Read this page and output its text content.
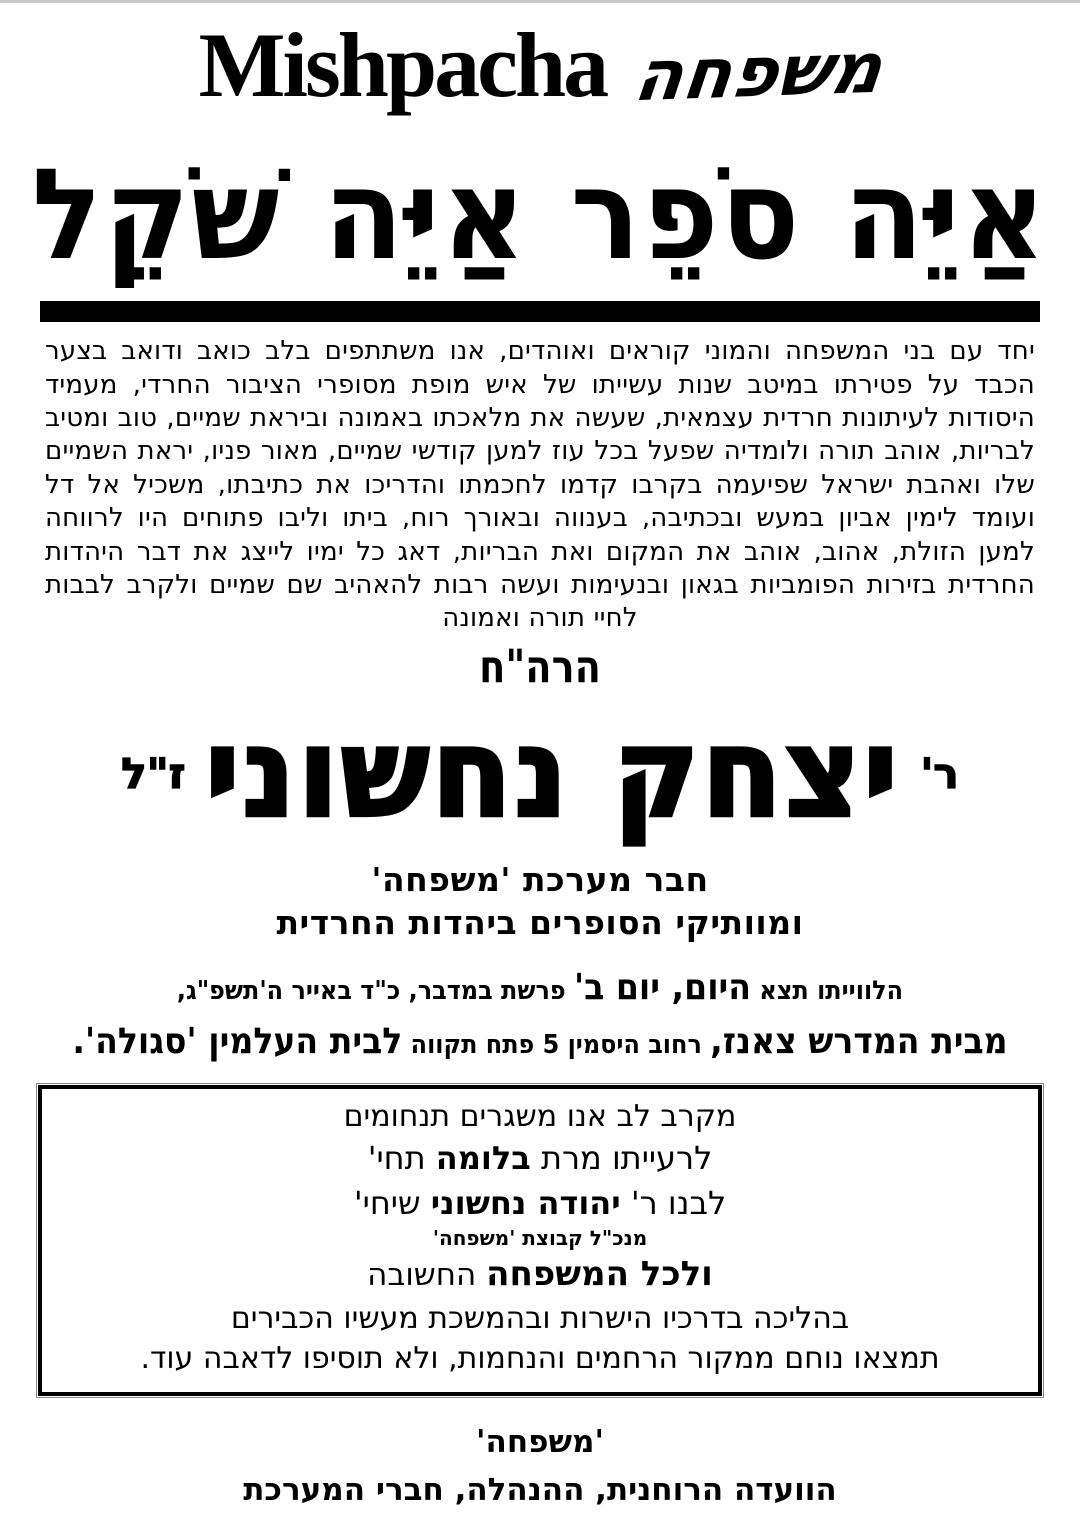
Mishpacha משפחה
אַיֵּה סֹפֵר אַיֵּה שֹׁקֵל

יחד עם בני המשפחה והמוני קוראים ואוהדים, אנו משתתפים בלב כואב ודואב בצער הכבד על פטירתו במיטב שנות עשייתו של איש מופת מסופרי הציבור החרדי, מעמיד היסודות לעיתונות חרדית עצמאית, שעשה את מלאכתו באמונה וביראת שמיים, טוב ומטיב לבריות, אוהב תורה ולומדיה שפעל בכל עוז למען קודשי שמיים, מאור פניו, יראת השמיים שלו ואהבת ישראל שפיעמה בקרבו קדמו לחכמתו והדריכו את כתיבתו, משכיל אל דל ועומד לימין אביון במעש ובכתיבה, בענווה ובאורך רוח, ביתו וליבו פתוחים היו לרווחה למען הזולת, אהוב, אוהב את המקום ואת הבריות, דאג כל ימיו לייצג את דבר היהדות החרדית בזירות הפומביות בגאון ובנעימות ועשה רבות להאהיב שם שמיים ולקרב לבבות לחיי תורה ואמונה

הרה"ח
ר'
יצחק נחשוני
ז"ל
חבר מערכת 'משפחה'
ומוותיקי הסופרים ביהדות החרדית
הלווייתו תצא היום, יום ב' פרשת במדבר, כ"ד באייר ה'תשפ"ג,
מבית המדרש צאנז, רחוב היסמין 5 פתח תקווה לבית העלמין 'סגולה'.
מקרב לב אנו משגרים תנחומים
לרעייתו מרת בלומה תחי'
לבנו ר' יהודה נחשוני שיחי'
מנכ"ל קבוצת 'משפחה'
ולכל המשפחה החשובה
בהליכה בדרכיו הישרות ובהמשכת מעשיו הכבירים
תמצאו נוחם ממקור הרחמים והנחמות, ולא תוסיפו לדאבה עוד.
'משפחה'
הוועדה הרוחנית, ההנהלה, חברי המערכת
